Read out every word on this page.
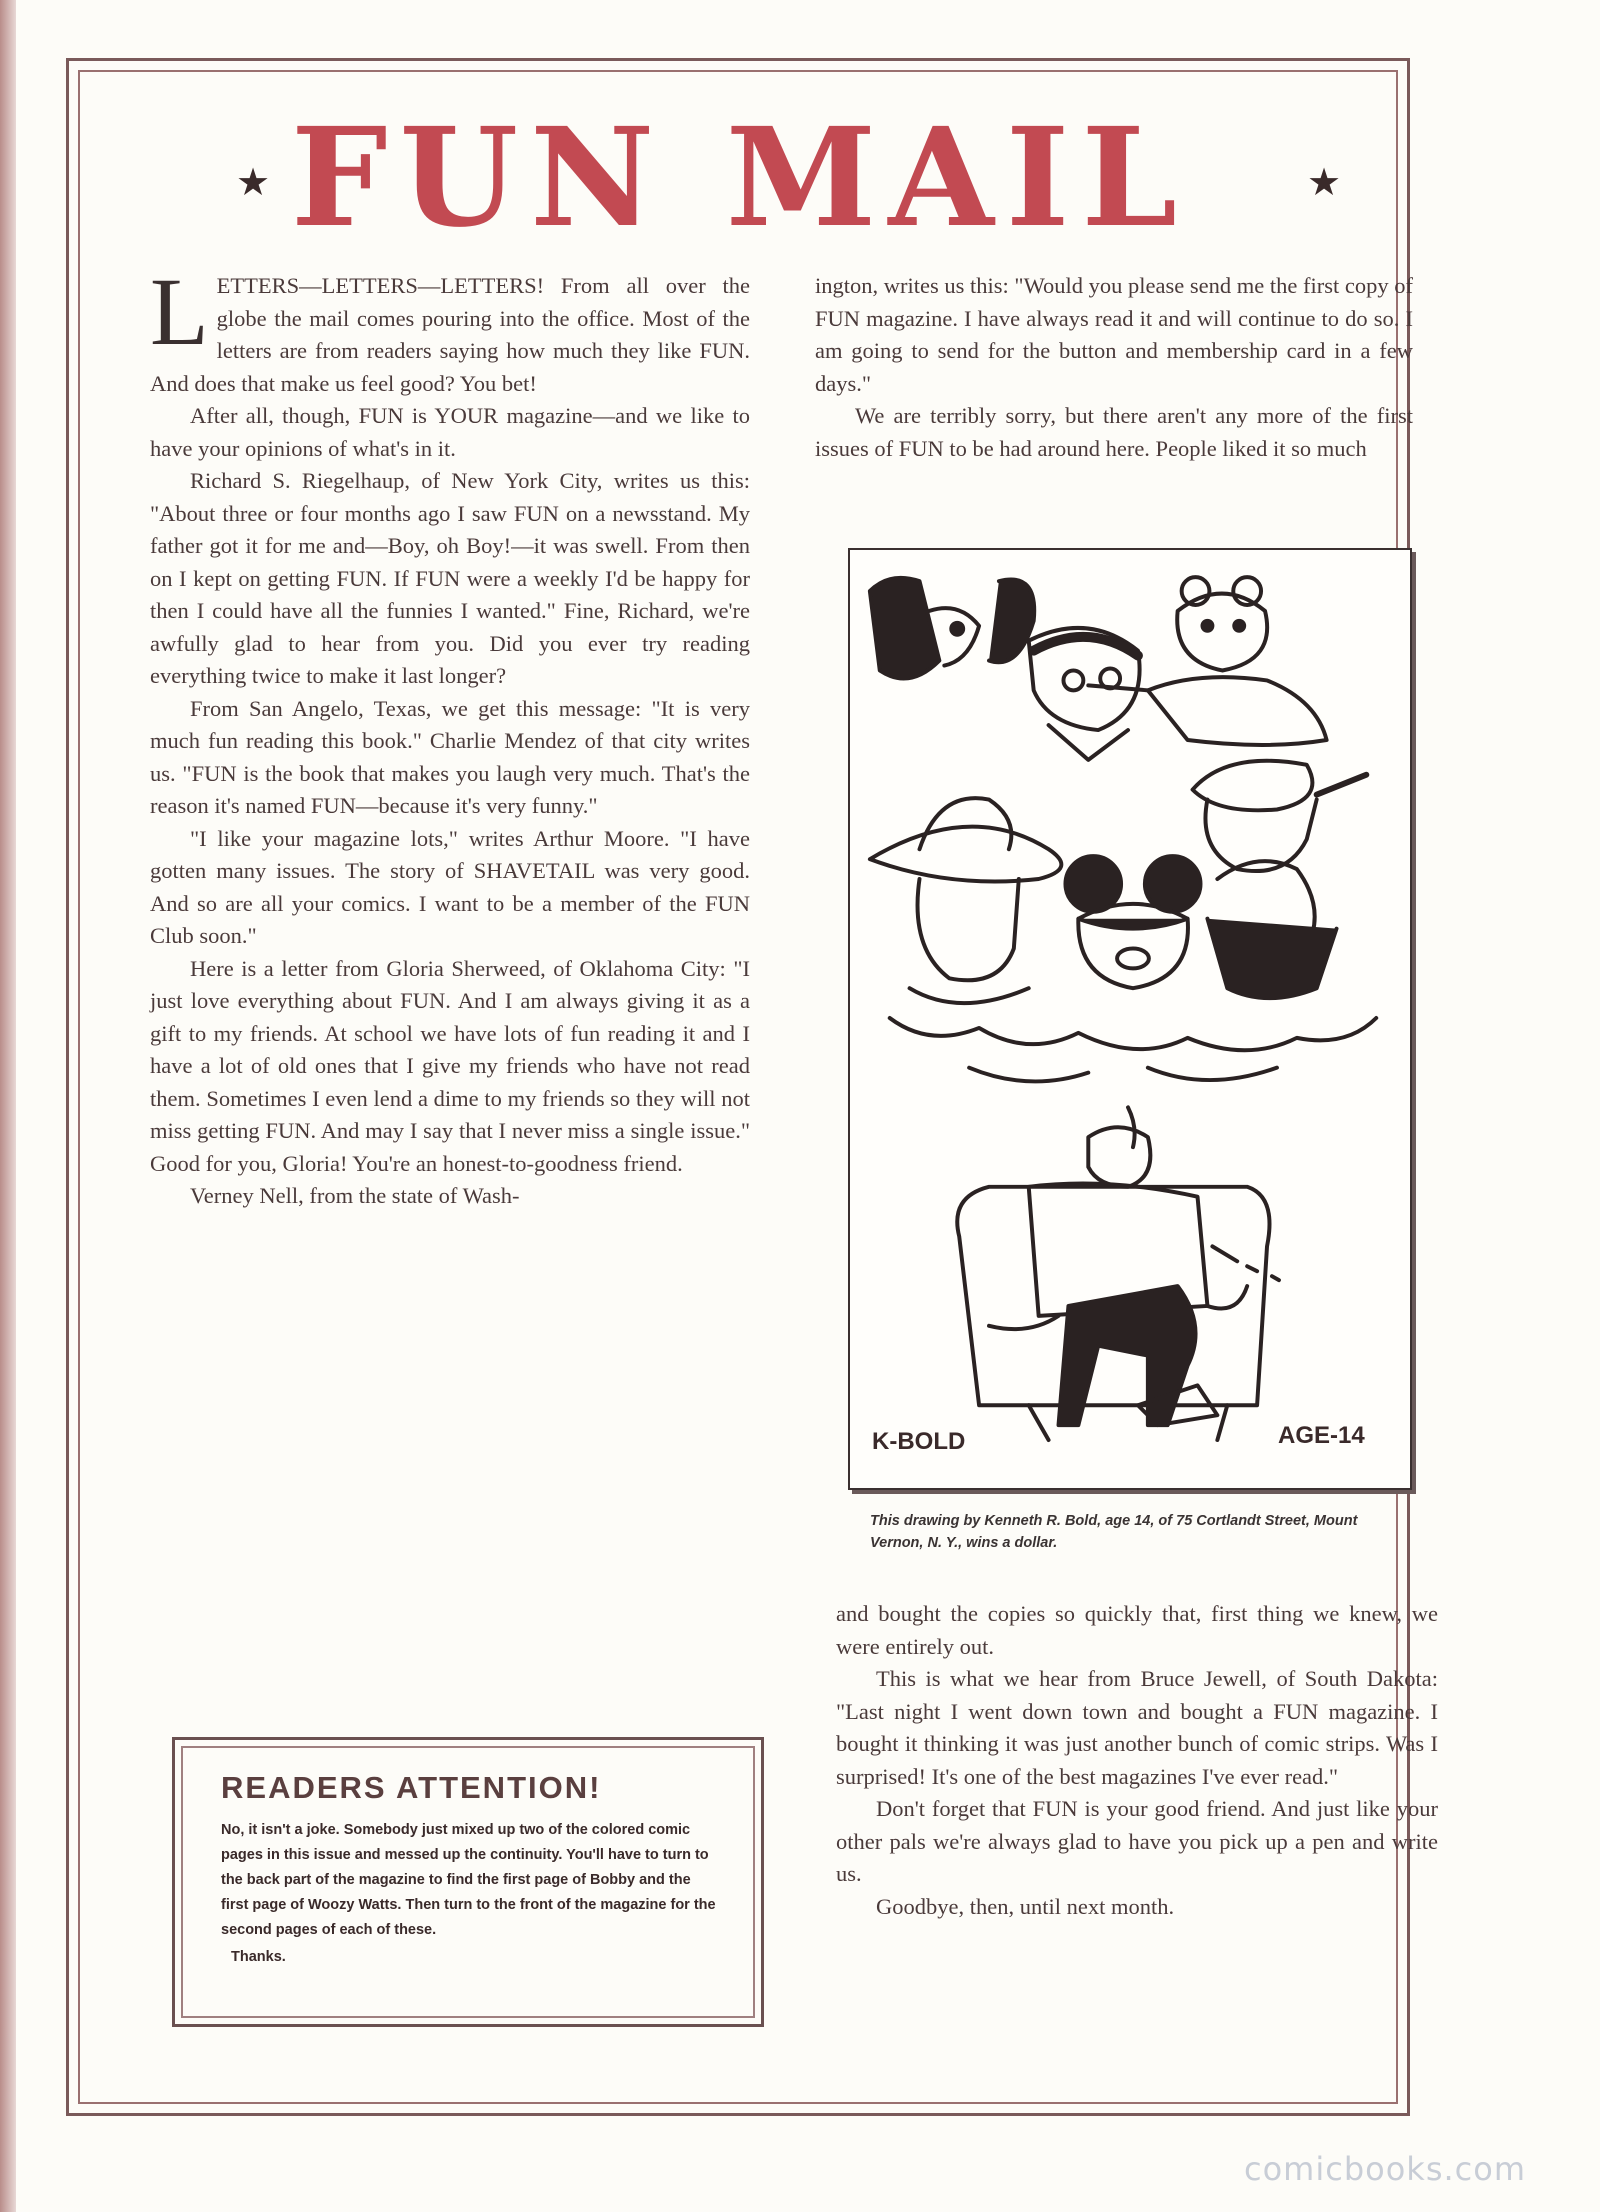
★	★
FUN MAIL

LETTERS—LETTERS—LETTERS! From all over the globe the mail comes pouring into the office. Most of the letters are from readers saying how much they like FUN. And does that make us feel good? You bet!

After all, though, FUN is YOUR magazine—and we like to have your opinions of what's in it.

Richard S. Riegelhaup, of New York City, writes us this: "About three or four months ago I saw FUN on a newsstand. My father got it for me and—Boy, oh Boy!—it was swell. From then on I kept on getting FUN. If FUN were a weekly I'd be happy for then I could have all the funnies I wanted." Fine, Richard, we're awfully glad to hear from you. Did you ever try reading everything twice to make it last longer?

From San Angelo, Texas, we get this message: "It is very much fun reading this book." Charlie Mendez of that city writes us. "FUN is the book that makes you laugh very much. That's the reason it's named FUN—because it's very funny."

"I like your magazine lots," writes Arthur Moore. "I have gotten many issues. The story of SHAVETAIL was very good. And so are all your comics. I want to be a member of the FUN Club soon."

Here is a letter from Gloria Sherweed, of Oklahoma City: "I just love everything about FUN. And I am always giving it as a gift to my friends. At school we have lots of fun reading it and I have a lot of old ones that I give my friends who have not read them. Sometimes I even lend a dime to my friends so they will not miss getting FUN. And may I say that I never miss a single issue." Good for you, Gloria! You're an honest-to-goodness friend.

Verney Nell, from the state of Wash-

ington, writes us this: "Would you please send me the first copy of FUN magazine. I have always read it and will continue to do so. I am going to send for the button and membership card in a few days."

We are terribly sorry, but there aren't any more of the first issues of FUN to be had around here. People liked it so much

K-BOLD	AGE-14
This drawing by Kenneth R. Bold, age 14, of 75 Cortlandt Street, Mount Vernon, N. Y., wins a dollar.

and bought the copies so quickly that, first thing we knew, we were entirely out.

This is what we hear from Bruce Jewell, of South Dakota: "Last night I went down town and bought a FUN magazine. I bought it thinking it was just another bunch of comic strips. Was I surprised! It's one of the best magazines I've ever read."

Don't forget that FUN is your good friend. And just like your other pals we're always glad to have you pick up a pen and write us.

Goodbye, then, until next month.

READERS ATTENTION!

No, it isn't a joke. Somebody just mixed up two of the colored comic pages in this issue and messed up the continuity. You'll have to turn to the back part of the magazine to find the first page of Bobby and the first page of Woozy Watts. Then turn to the front of the magazine for the second pages of each of these.

Thanks.

comicbooks.com
